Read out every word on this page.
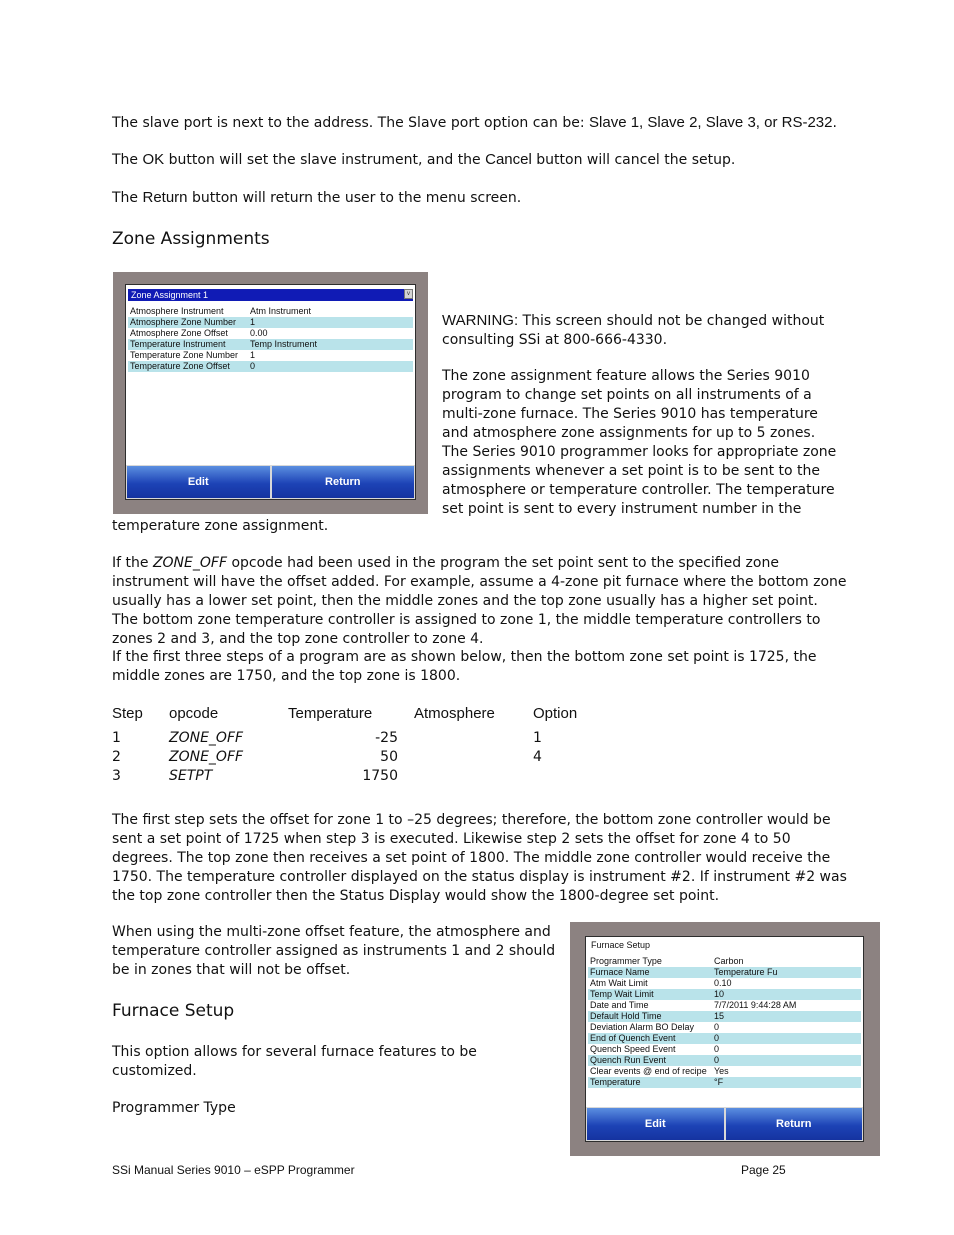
The slave port is next to the address. The Slave port option can be: Slave 1, Slave 2, Slave 3, or RS-232.

The OK button will set the slave instrument, and the Cancel button will cancel the setup.

The Return button will return the user to the menu screen.

Zone Assignments
Zone Assignment 1	v
Atmosphere Instrument	Atm Instrument
Atmosphere Zone Number 1
Atmosphere Zone Offset 0.00
Temperature Instrument	Temp Instrument
Temperature Zone Number 1
Temperature Zone Offset 0
Edit	Return

WARNING: This screen should not be changed without consulting SSi at 800-666-4330.

The zone assignment feature allows the Series 9010 program to change set points on all instruments of a multi-zone furnace. The Series 9010 has temperature and atmosphere zone assignments for up to 5 zones. The Series 9010 programmer looks for appropriate zone assignments whenever a set point is to be sent to the atmosphere or temperature controller. The temperature set point is sent to every instrument number in the

temperature zone assignment.

If the ZONE_OFF opcode had been used in the program the set point sent to the specified zone instrument will have the offset added. For example, assume a 4-zone pit furnace where the bottom zone usually has a lower set point, then the middle zones and the top zone usually has a higher set point. The bottom zone temperature controller is assigned to zone 1, the middle temperature controllers to zones 2 and 3, and the top zone controller to zone 4.

If the first three steps of a program are as shown below, then the bottom zone set point is 1725, the middle zones are 1750, and the top zone is 1800.

Step	opcode	Temperature	Atmosphere	Option

1	ZONE_OFF	-25		1
2	ZONE_OFF	50		4
3	SETPT	1750		

The first step sets the offset for zone 1 to –25 degrees; therefore, the bottom zone controller would be sent a set point of 1725 when step 3 is executed. Likewise step 2 sets the offset for zone 4 to 50 degrees. The top zone then receives a set point of 1800. The middle zone controller would receive the 1750. The temperature controller displayed on the status display is instrument #2. If instrument #2 was the top zone controller then the Status Display would show the 1800-degree set point.

When using the multi-zone offset feature, the atmosphere and temperature controller assigned as instruments 1 and 2 should be in zones that will not be offset.

Furnace Setup

This option allows for several furnace features to be customized.

Programmer Type

Furnace Setup
Programmer Type	Carbon
Furnace Name	Temperature Fu
Atm Wait Limit	0.10
Temp Wait Limit	10
Date and Time	7/7/2011 9:44:28 AM
Default Hold Time	15
Deviation Alarm BO Delay 0
End of Quench Event	0
Quench Speed Event	0
Quench Run Event	0
Clear events @ end of recipe Yes
Temperature	°F
Edit	Return
SSi Manual Series 9010 – eSPP Programmer	Page 25
